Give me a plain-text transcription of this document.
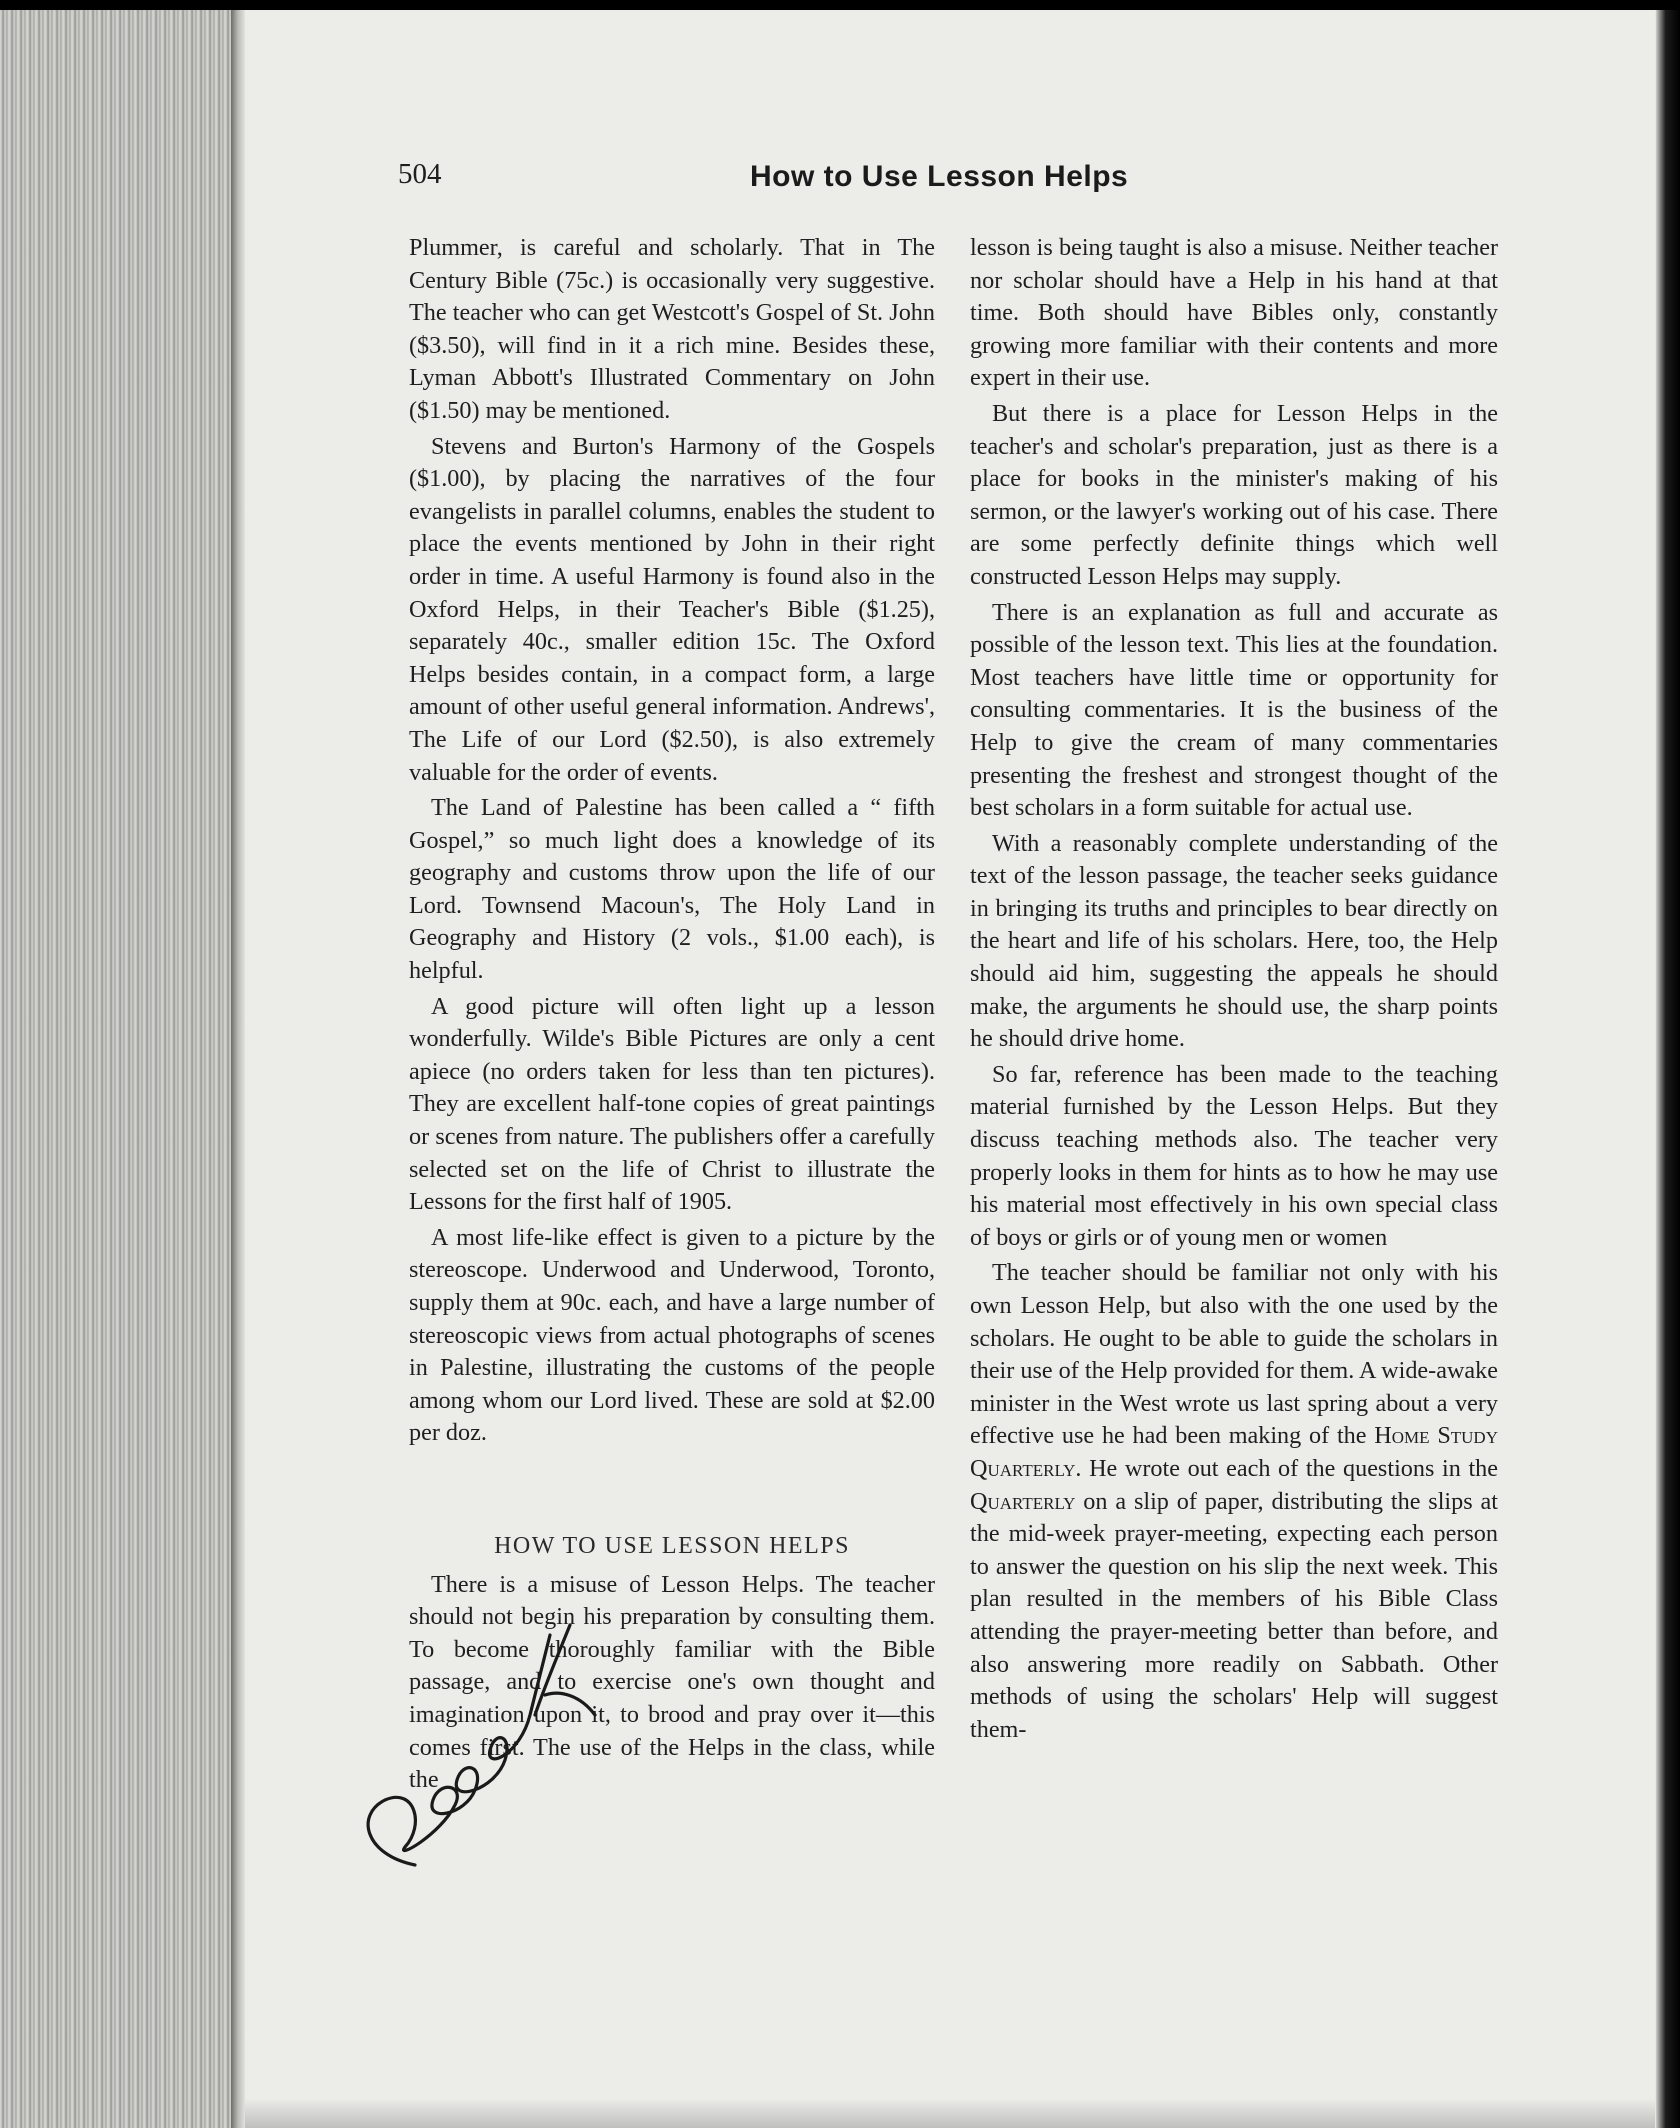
504	How to Use Lesson Helps

Plummer, is careful and scholarly. That in The Century Bible (75c.) is occasionally very suggestive. The teacher who can get Westcott's Gospel of St. John ($3.50), will find in it a rich mine. Besides these, Lyman Abbott's Illustrated Commentary on John ($1.50) may be mentioned.

Stevens and Burton's Harmony of the Gospels ($1.00), by placing the narratives of the four evangelists in parallel columns, enables the student to place the events mentioned by John in their right order in time. A useful Harmony is found also in the Oxford Helps, in their Teacher's Bible ($1.25), separately 40c., smaller edition 15c. The Oxford Helps besides contain, in a compact form, a large amount of other useful general information. Andrews', The Life of our Lord ($2.50), is also extremely valuable for the order of events.

The Land of Palestine has been called a “ fifth Gospel,” so much light does a knowledge of its geography and customs throw upon the life of our Lord. Townsend Macoun's, The Holy Land in Geography and History (2 vols., $1.00 each), is helpful.

A good picture will often light up a lesson wonderfully. Wilde's Bible Pictures are only a cent apiece (no orders taken for less than ten pictures). They are excellent half-tone copies of great paintings or scenes from nature. The publishers offer a carefully selected set on the life of Christ to illustrate the Lessons for the first half of 1905.

A most life-like effect is given to a picture by the stereoscope. Underwood and Underwood, Toronto, supply them at 90c. each, and have a large number of stereoscopic views from actual photographs of scenes in Palestine, illustrating the customs of the people among whom our Lord lived. These are sold at $2.00 per doz.

HOW TO USE LESSON HELPS

There is a misuse of Lesson Helps. The teacher should not begin his preparation by consulting them. To become thoroughly familiar with the Bible passage, and to exercise one's own thought and imagination upon it, to brood and pray over it—this comes first. The use of the Helps in the class, while the

lesson is being taught is also a misuse. Neither teacher nor scholar should have a Help in his hand at that time. Both should have Bibles only, constantly growing more familiar with their contents and more expert in their use.

But there is a place for Lesson Helps in the teacher's and scholar's preparation, just as there is a place for books in the minister's making of his sermon, or the lawyer's working out of his case. There are some perfectly definite things which well constructed Lesson Helps may supply.

There is an explanation as full and accurate as possible of the lesson text. This lies at the foundation. Most teachers have little time or opportunity for consulting commentaries. It is the business of the Help to give the cream of many commentaries presenting the freshest and strongest thought of the best scholars in a form suitable for actual use.

With a reasonably complete understanding of the text of the lesson passage, the teacher seeks guidance in bringing its truths and principles to bear directly on the heart and life of his scholars. Here, too, the Help should aid him, suggesting the appeals he should make, the arguments he should use, the sharp points he should drive home.

So far, reference has been made to the teaching material furnished by the Lesson Helps. But they discuss teaching methods also. The teacher very properly looks in them for hints as to how he may use his material most effectively in his own special class of boys or girls or of young men or women

The teacher should be familiar not only with his own Lesson Help, but also with the one used by the scholars. He ought to be able to guide the scholars in their use of the Help provided for them. A wide-awake minister in the West wrote us last spring about a very effective use he had been making of the Home Study Quarterly. He wrote out each of the questions in the Quarterly on a slip of paper, distributing the slips at the mid-week prayer-meeting, expecting each person to answer the question on his slip the next week. This plan resulted in the members of his Bible Class attending the prayer-meeting better than before, and also answering more readily on Sabbath. Other methods of using the scholars' Help will suggest them-
